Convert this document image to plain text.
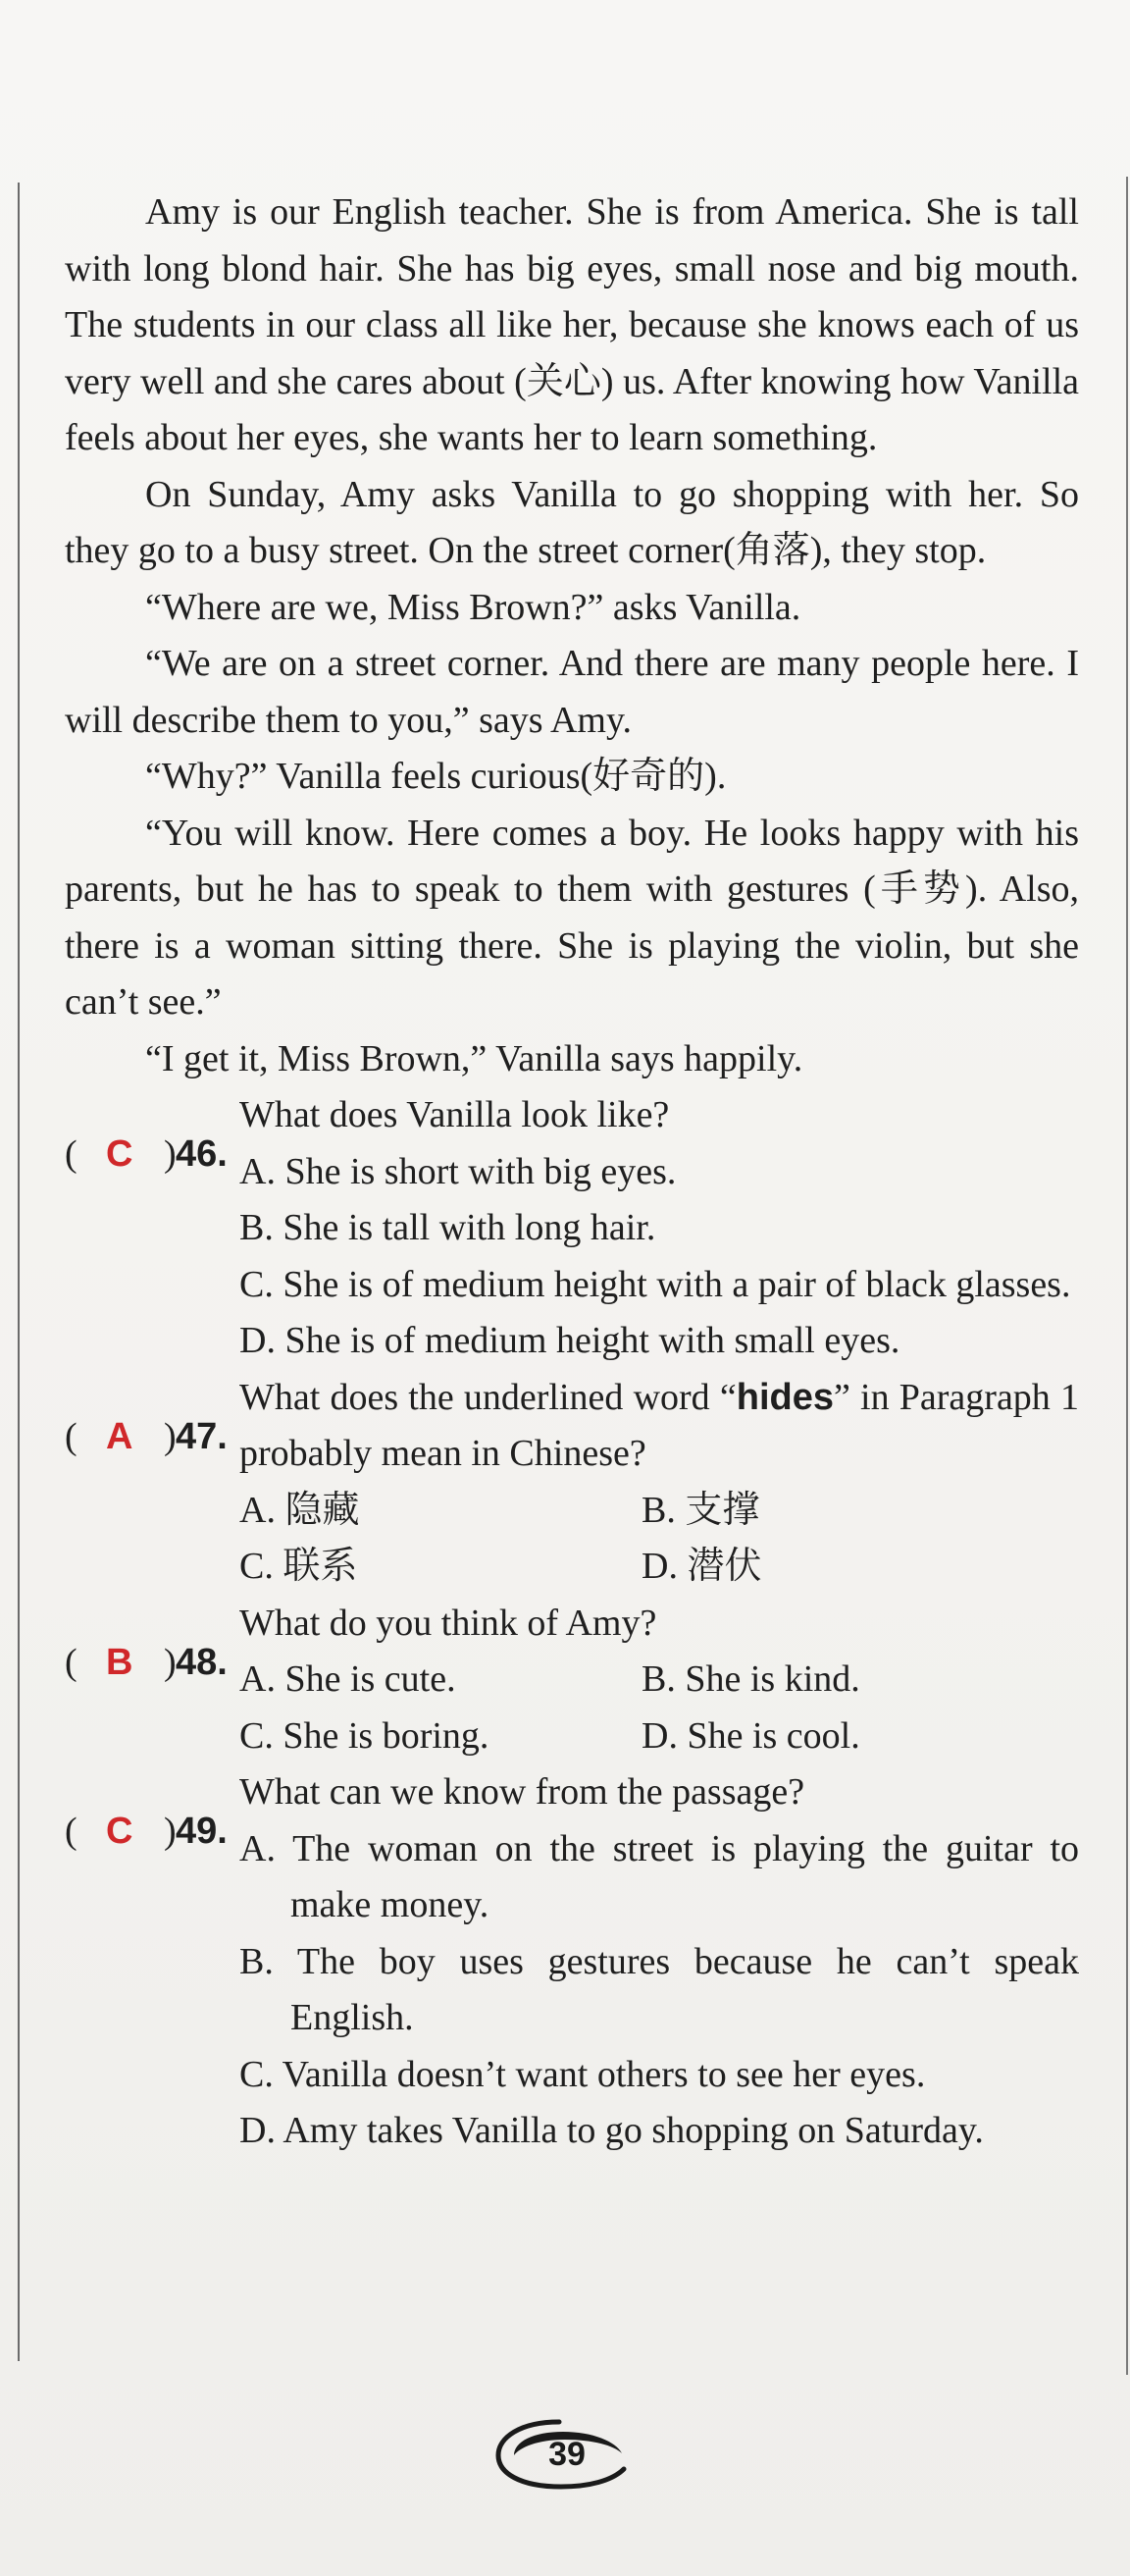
Amy is our English teacher. She is from America. She is tall with long blond hair. She has big eyes, small nose and big mouth. The students in our class all like her, because she knows each of us very well and she cares about (关心) us. After knowing how Vanilla feels about her eyes, she wants her to learn something.

On Sunday, Amy asks Vanilla to go shopping with her. So they go to a busy street. On the street corner(角落), they stop.

“Where are we, Miss Brown?” asks Vanilla.

“We are on a street corner. And there are many people here. I will describe them to you,” says Amy.

“Why?” Vanilla feels curious(好奇的).

“You will know. Here comes a boy. He looks happy with his parents, but he has to speak to them with gestures (手势). Also, there is a woman sitting there. She is playing the violin, but she can’t see.”

“I get it, Miss Brown,” Vanilla says happily.

( C ) 46.
What does Vanilla look like?
A. She is short with big eyes.
B. She is tall with long hair.
C. She is of medium height with a pair of black glasses.
D. She is of medium height with small eyes.
( A ) 47.
What does the underlined word “hides” in Paragraph 1 probably mean in Chinese?
A. 隐藏	B. 支撑
C. 联系	D. 潜伏
( B ) 48.
What do you think of Amy?
A. She is cute.	B. She is kind.
C. She is boring.	D. She is cool.
( C ) 49.
What can we know from the passage?
A. The woman on the street is playing the guitar to make money.
B. The boy uses gestures because he can’t speak English.
C. Vanilla doesn’t want others to see her eyes.
D. Amy takes Vanilla to go shopping on Saturday.
39
